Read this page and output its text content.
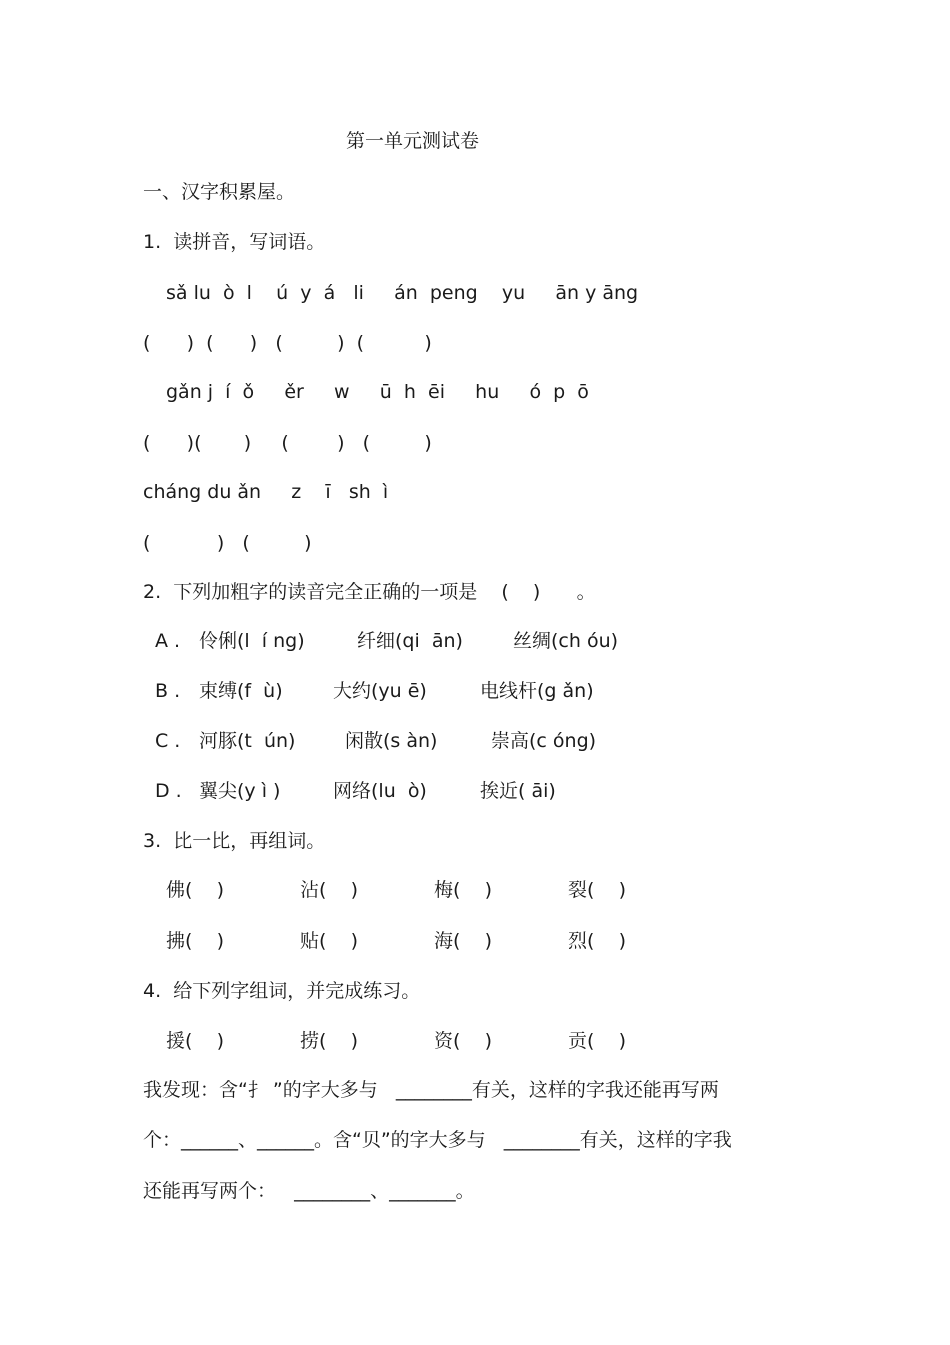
第一单元测试卷
一、汉字积累屋。
1.  读拼音，写词语。
sǎ lu  ò  l    ú  y  á   li     án  peng    yu     ān y āng
(      )  (      )   (         )  (          )
gǎn j  í  ǒ     ěr     w     ū  h  ēi     hu     ó  p  ō
(      )(       )     (        )   (         )
cháng du ǎn     z    ī   sh  ì
(           )   (         )
2.  下列加粗字的读音完全正确的一项是    (    )      。
A . 伶俐(l  í ng)	纤细(qi  ān)	丝绸(ch óu)
B . 束缚(f  ù)	大约(yu ē)	电线杆(g ǎn)
C . 河豚(t  ún)	闲散(s àn)	崇高(c óng)
D . 翼尖(y ì )	网络(lu  ò)	挨近( āi)
3.  比一比，再组词。
佛(    )	沾(    )	梅(    )	裂(    )
拂(    )	贴(    )	海(    )	烈(    )
4.  给下列字组词，并完成练习。
援(    )	捞(    )	资(    )	贡(    )
我发现：含“扌 ”的字大多与   ________有关，这样的字我还能再写两
个：______、______。含“贝”的字大多与   ________有关，这样的字我
还能再写两个：   ________、_______。
